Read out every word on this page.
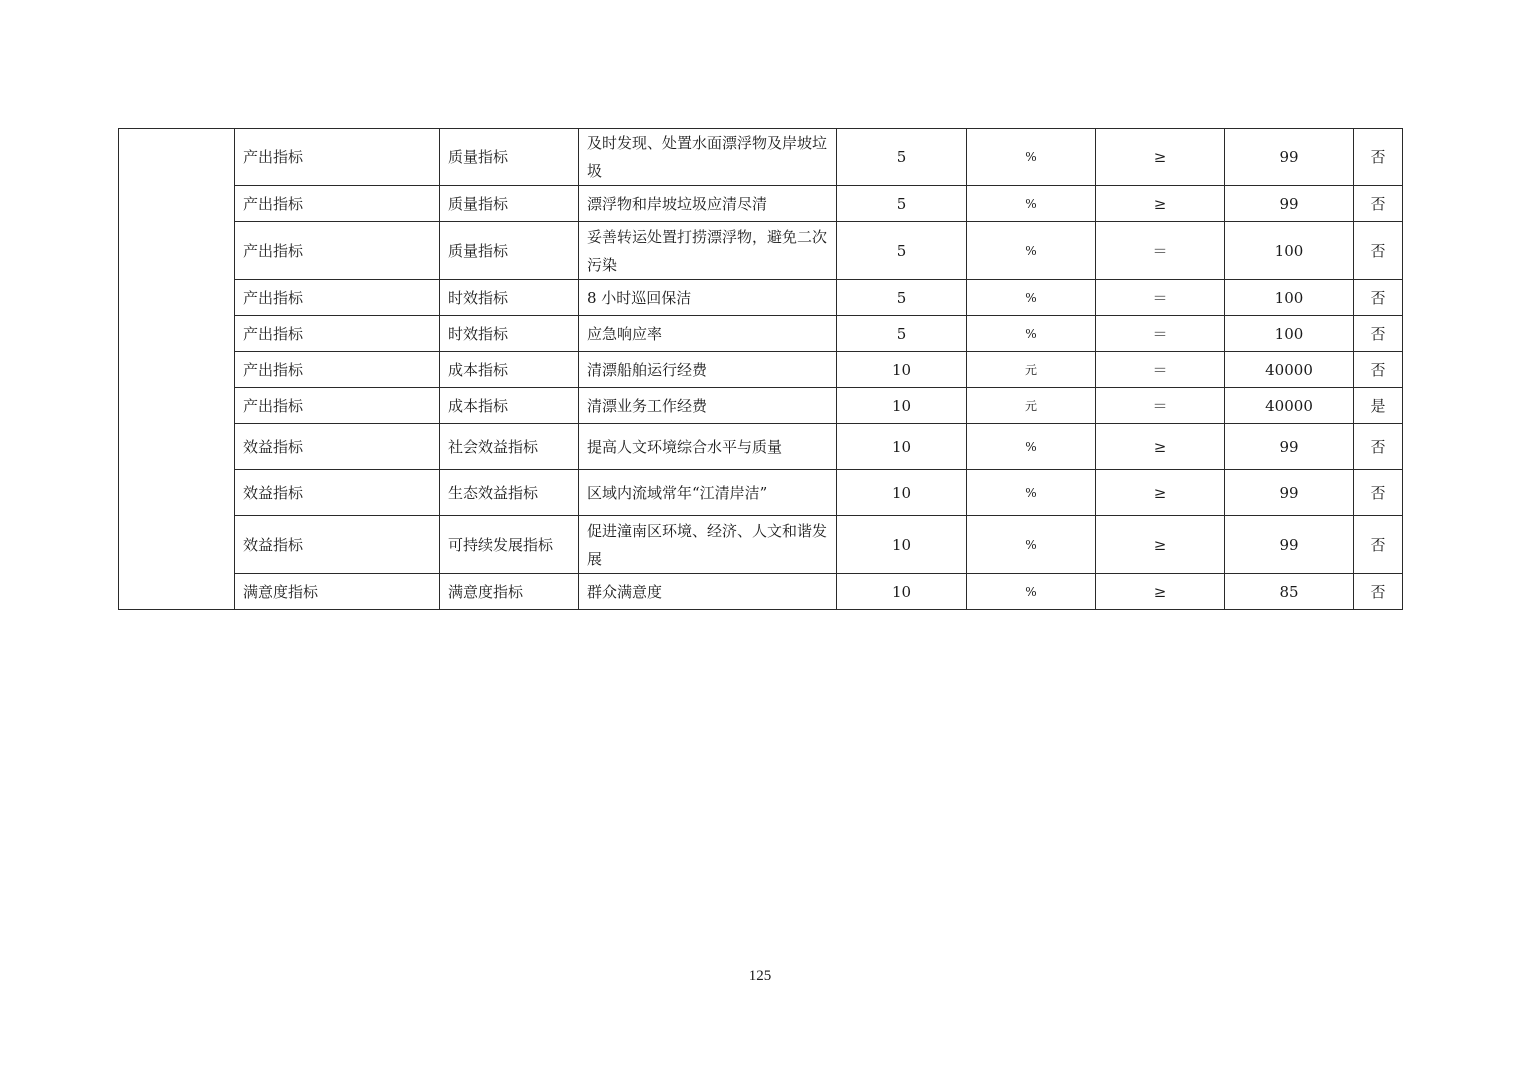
	产出指标	质量指标	及时发现、处置水面漂浮物及岸坡垃圾	5	%	≥	99	否
	产出指标	质量指标	漂浮物和岸坡垃圾应清尽清	5	%	≥	99	否
	产出指标	质量指标	妥善转运处置打捞漂浮物，避免二次污染	5	%	＝	100	否
	产出指标	时效指标	8 小时巡回保洁	5	%	＝	100	否
	产出指标	时效指标	应急响应率	5	%	＝	100	否
	产出指标	成本指标	清漂船舶运行经费	10	元	＝	40000	否
	产出指标	成本指标	清漂业务工作经费	10	元	＝	40000	是
	效益指标	社会效益指标	提高人文环境综合水平与质量	10	%	≥	99	否
	效益指标	生态效益指标	区域内流域常年“江清岸洁”	10	%	≥	99	否
	效益指标	可持续发展指标	促进潼南区环境、经济、人文和谐发展	10	%	≥	99	否
	满意度指标	满意度指标	群众满意度	10	%	≥	85	否
125
